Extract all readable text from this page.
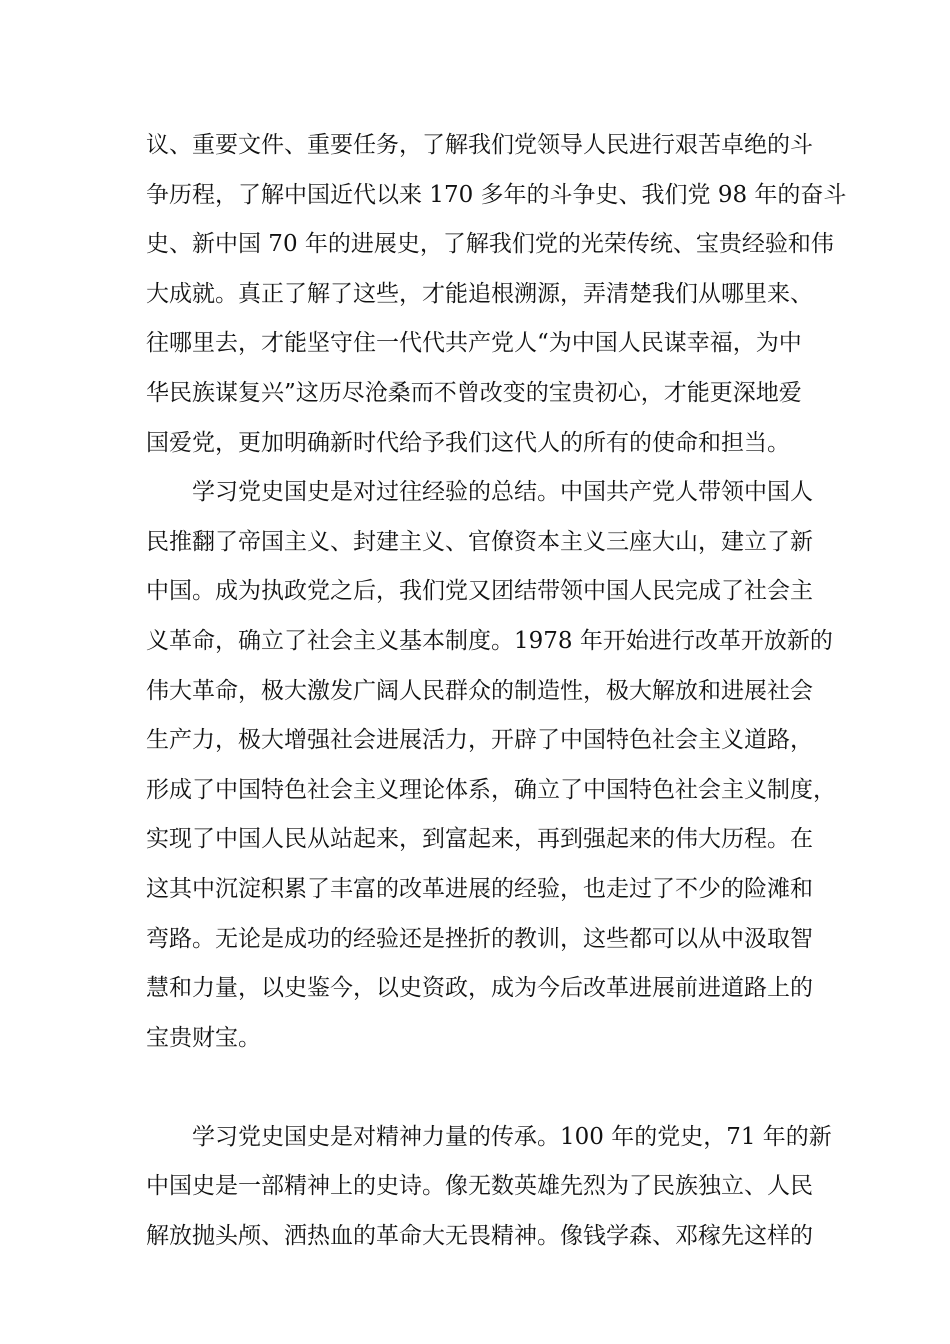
议、重要文件、重要任务，了解我们党领导人民进行艰苦卓绝的斗
争历程，了解中国近代以来 170 多年的斗争史、我们党 98 年的奋斗
史、新中国 70 年的进展史，了解我们党的光荣传统、宝贵经验和伟
大成就。真正了解了这些，才能追根溯源，弄清楚我们从哪里来、
往哪里去，才能坚守住一代代共产党人“为中国人民谋幸福，为中
华民族谋复兴”这历尽沧桑而不曾改变的宝贵初心，才能更深地爱
国爱党，更加明确新时代给予我们这代人的所有的使命和担当。
学习党史国史是对过往经验的总结。中国共产党人带领中国人
民推翻了帝国主义、封建主义、官僚资本主义三座大山，建立了新
中国。成为执政党之后，我们党又团结带领中国人民完成了社会主
义革命，确立了社会主义基本制度。1978 年开始进行改革开放新的
伟大革命，极大激发广阔人民群众的制造性，极大解放和进展社会
生产力，极大增强社会进展活力，开辟了中国特色社会主义道路，
形成了中国特色社会主义理论体系，确立了中国特色社会主义制度，
实现了中国人民从站起来，到富起来，再到强起来的伟大历程。在
这其中沉淀积累了丰富的改革进展的经验，也走过了不少的险滩和
弯路。无论是成功的经验还是挫折的教训，这些都可以从中汲取智
慧和力量，以史鉴今，以史资政，成为今后改革进展前进道路上的
宝贵财宝。
学习党史国史是对精神力量的传承。100 年的党史，71 年的新
中国史是一部精神上的史诗。像无数英雄先烈为了民族独立、人民
解放抛头颅、洒热血的革命大无畏精神。像钱学森、邓稼先这样的
